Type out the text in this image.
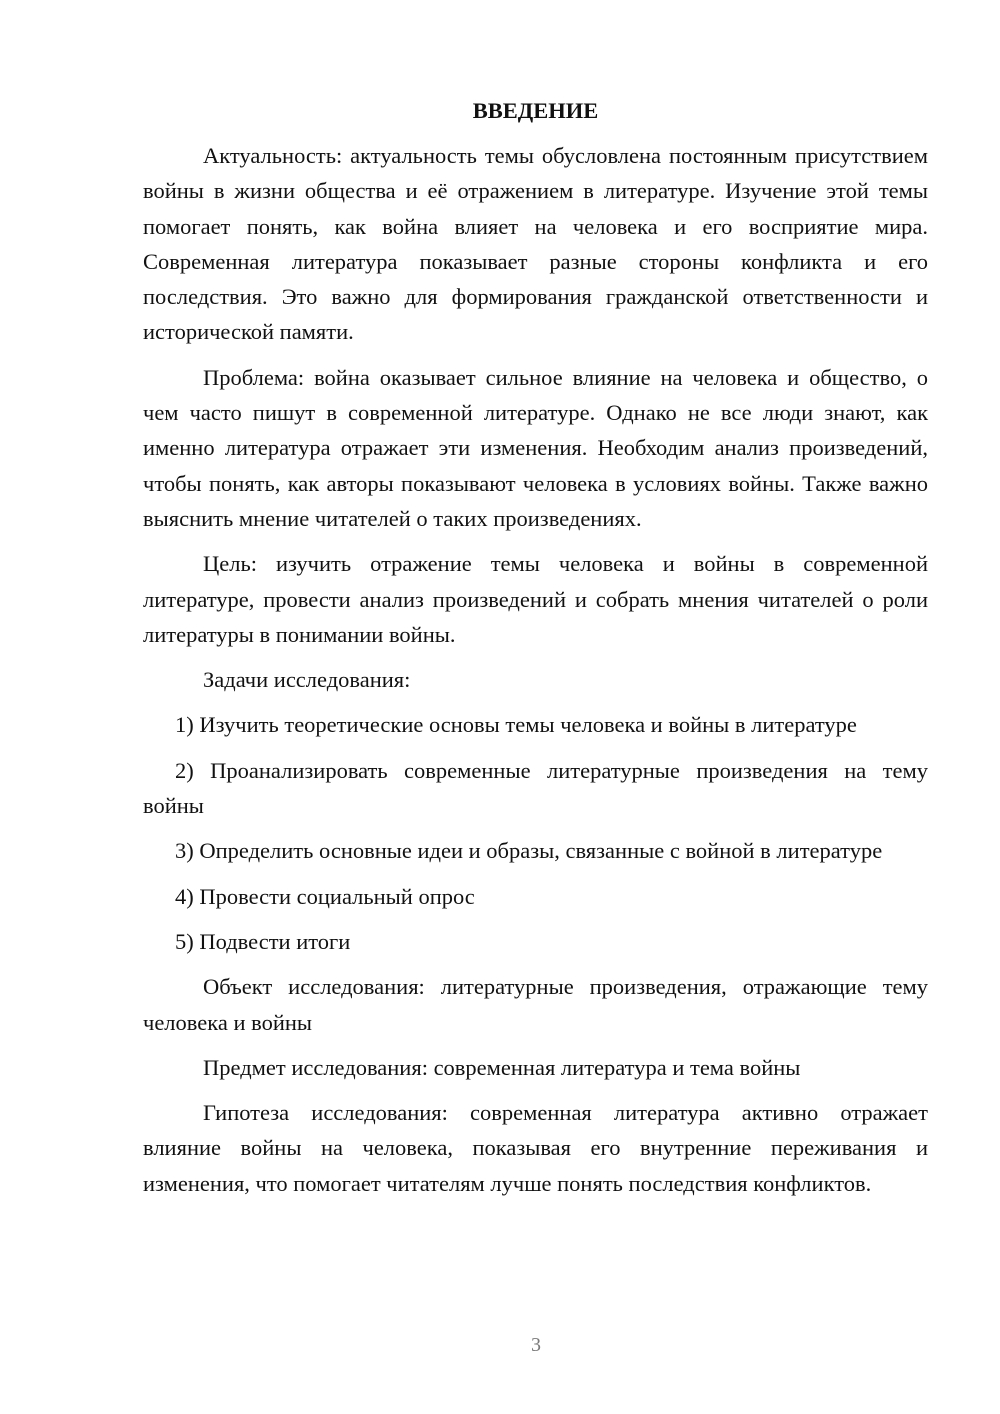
ВВЕДЕНИЕ

Актуальность: актуальность темы обусловлена постоянным присутствием войны в жизни общества и её отражением в литературе. Изучение этой темы помогает понять, как война влияет на человека и его восприятие мира. Современная литература показывает разные стороны конфликта и его последствия. Это важно для формирования гражданской ответственности и исторической памяти.

Проблема: война оказывает сильное влияние на человека и общество, о чем часто пишут в современной литературе. Однако не все люди знают, как именно литература отражает эти изменения. Необходим анализ произведений, чтобы понять, как авторы показывают человека в условиях войны. Также важно выяснить мнение читателей о таких произведениях.

Цель: изучить отражение темы человека и войны в современной литературе, провести анализ произведений и собрать мнения читателей о роли литературы в понимании войны.

Задачи исследования:

1) Изучить теоретические основы темы человека и войны в литературе

2) Проанализировать современные литературные произведения на тему войны

3) Определить основные идеи и образы, связанные с войной в литературе

4) Провести социальный опрос

5) Подвести итоги

Объект исследования: литературные произведения, отражающие тему человека и войны

Предмет исследования: современная литература и тема войны

Гипотеза исследования: современная литература активно отражает влияние войны на человека, показывая его внутренние переживания и изменения, что помогает читателям лучше понять последствия конфликтов.

3
